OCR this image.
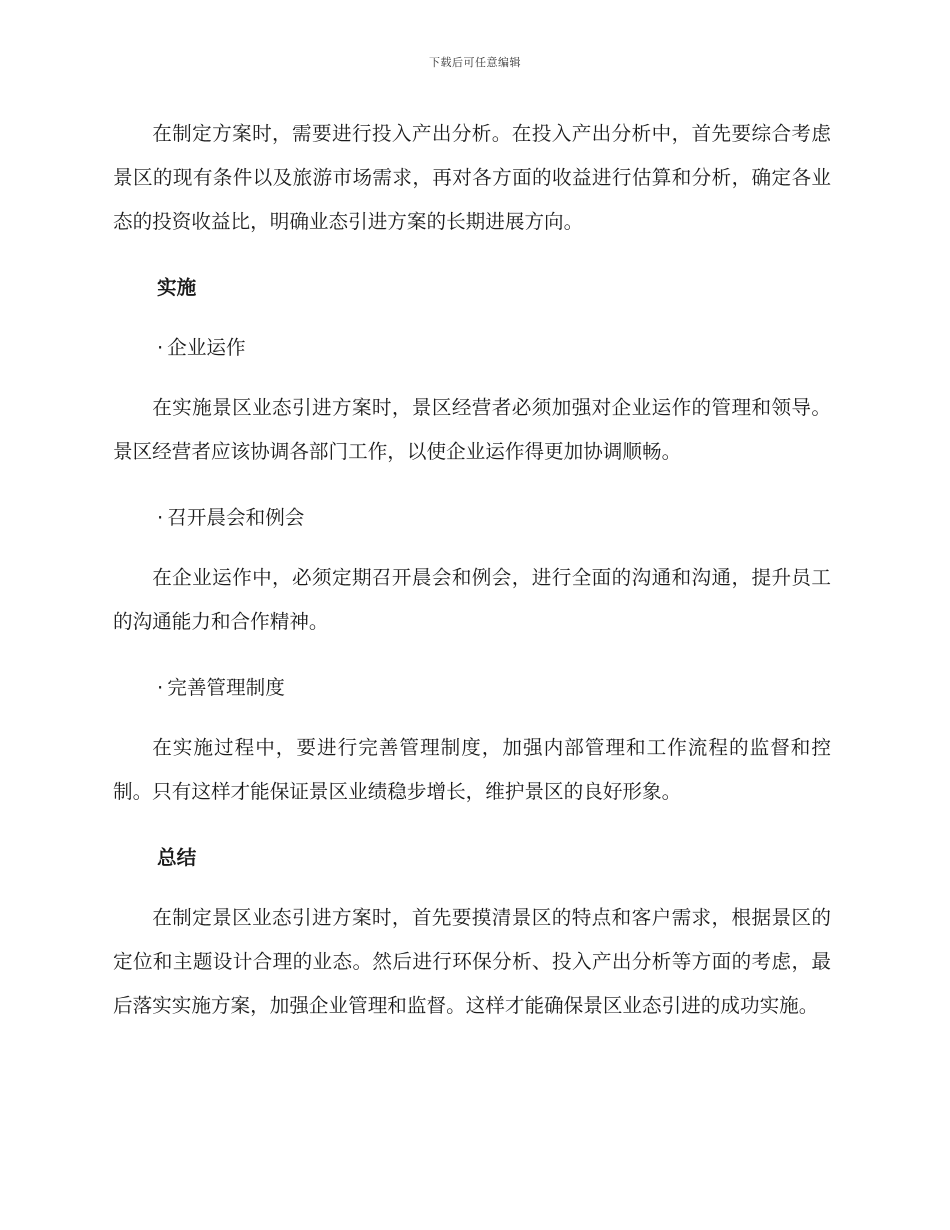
下载后可任意编辑

在制定方案时，需要进行投入产出分析。在投入产出分析中，首先要综合考虑景区的现有条件以及旅游市场需求，再对各方面的收益进行估算和分析，确定各业态的投资收益比，明确业态引进方案的长期进展方向。

实施
· 企业运作

在实施景区业态引进方案时，景区经营者必须加强对企业运作的管理和领导。景区经营者应该协调各部门工作，以使企业运作得更加协调顺畅。

· 召开晨会和例会

在企业运作中，必须定期召开晨会和例会，进行全面的沟通和沟通，提升员工的沟通能力和合作精神。

· 完善管理制度

在实施过程中，要进行完善管理制度，加强内部管理和工作流程的监督和控制。只有这样才能保证景区业绩稳步增长，维护景区的良好形象。

总结

在制定景区业态引进方案时，首先要摸清景区的特点和客户需求，根据景区的定位和主题设计合理的业态。然后进行环保分析、投入产出分析等方面的考虑，最后落实实施方案，加强企业管理和监督。这样才能确保景区业态引进的成功实施。
